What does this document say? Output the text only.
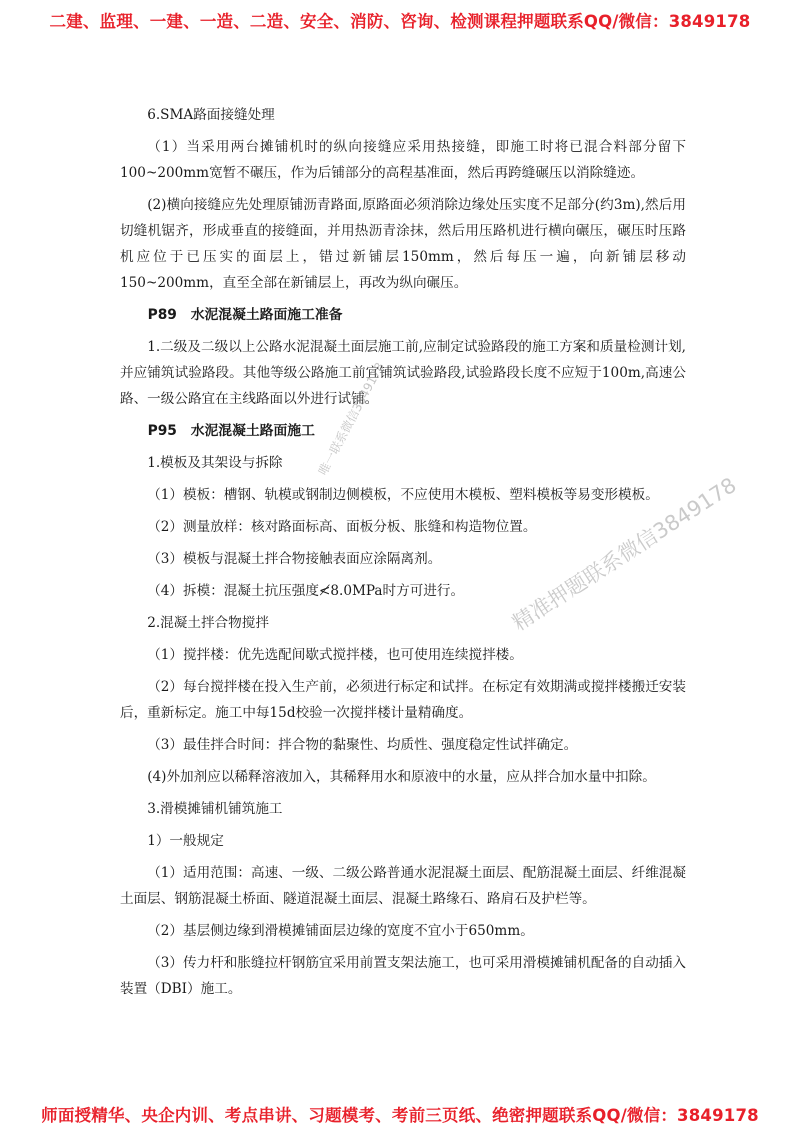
二建、监理、一建、一造、二造、安全、消防、咨询、检测课程押题联系QQ/微信：3849178

6.SMA路面接缝处理

（1）当采用两台摊铺机时的纵向接缝应采用热接缝，即施工时将已混合料部分留下100~200mm宽暂不碾压，作为后铺部分的高程基准面，然后再跨缝碾压以消除缝迹。

(2)横向接缝应先处理原铺沥青路面,原路面必须消除边缘处压实度不足部分(约3m),然后用切缝机锯齐，形成垂直的接缝面，并用热沥青涂抹，然后用压路机进行横向碾压，碾压时压路机应位于已压实的面层上，错过新铺层150mm，然后每压一遍，向新铺层移动150~200mm，直至全部在新铺层上，再改为纵向碾压。

P89　水泥混凝土路面施工准备

1.二级及二级以上公路水泥混凝土面层施工前,应制定试验路段的施工方案和质量检测计划,并应铺筑试验路段。其他等级公路施工前宜铺筑试验路段,试验路段长度不应短于100m,高速公路、一级公路宜在主线路面以外进行试铺。

P95　水泥混凝土路面施工

1.模板及其架设与拆除

（1）模板：槽钢、轨模或钢制边侧模板，不应使用木模板、塑料模板等易变形模板。

（2）测量放样：核对路面标高、面板分板、胀缝和构造物位置。

（3）模板与混凝土拌合物接触表面应涂隔离剂。

（4）拆模：混凝土抗压强度≮8.0MPa时方可进行。

2.混凝土拌合物搅拌

（1）搅拌楼：优先选配间歇式搅拌楼，也可使用连续搅拌楼。

（2）每台搅拌楼在投入生产前，必须进行标定和试拌。在标定有效期满或搅拌楼搬迁安装后，重新标定。施工中每15d校验一次搅拌楼计量精确度。

（3）最佳拌合时间：拌合物的黏聚性、均质性、强度稳定性试拌确定。

(4)外加剂应以稀释溶液加入，其稀释用水和原液中的水量，应从拌合加水量中扣除。

3.滑模摊铺机铺筑施工

1）一般规定

（1）适用范围：高速、一级、二级公路普通水泥混凝土面层、配筋混凝土面层、纤维混凝土面层、钢筋混凝土桥面、隧道混凝土面层、混凝土路缘石、路肩石及护栏等。

（2）基层侧边缘到滑模摊铺面层边缘的宽度不宜小于650mm。

（3）传力杆和胀缝拉杆钢筋宜采用前置支架法施工，也可采用滑模摊铺机配备的自动插入装置（DBI）施工。

唯一联系微信3849178
精准押题联系微信3849178
师面授精华、央企内训、考点串讲、习题模考、考前三页纸、绝密押题联系QQ/微信：3849178
